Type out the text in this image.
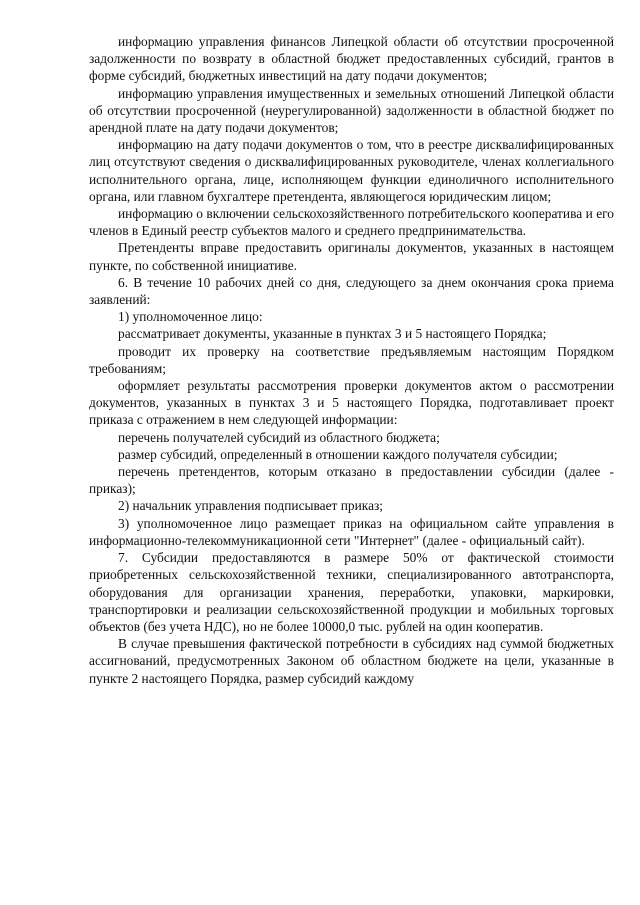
информацию управления финансов Липецкой области об отсутствии просроченной задолженности по возврату в областной бюджет предоставленных субсидий, грантов в форме субсидий, бюджетных инвестиций на дату подачи документов;

информацию управления имущественных и земельных отношений Липецкой области об отсутствии просроченной (неурегулированной) задолженности в областной бюджет по арендной плате на дату подачи документов;

информацию на дату подачи документов о том, что в реестре дисквалифицированных лиц отсутствуют сведения о дисквалифицированных руководителе, членах коллегиального исполнительного органа, лице, исполняющем функции единоличного исполнительного органа, или главном бухгалтере претендента, являющегося юридическим лицом;

информацию о включении сельскохозяйственного потребительского кооператива и его членов в Единый реестр субъектов малого и среднего предпринимательства.

Претенденты вправе предоставить оригиналы документов, указанных в настоящем пункте, по собственной инициативе.

6. В течение 10 рабочих дней со дня, следующего за днем окончания срока приема заявлений:

1) уполномоченное лицо:

рассматривает документы, указанные в пунктах 3 и 5 настоящего Порядка;

проводит их проверку на соответствие предъявляемым настоящим Порядком требованиям;

оформляет результаты рассмотрения проверки документов актом о рассмотрении документов, указанных в пунктах 3 и 5 настоящего Порядка, подготавливает проект приказа с отражением в нем следующей информации:

перечень получателей субсидий из областного бюджета;

размер субсидий, определенный в отношении каждого получателя субсидии;

перечень претендентов, которым отказано в предоставлении субсидии (далее - приказ);

2) начальник управления подписывает приказ;

3) уполномоченное лицо размещает приказ на официальном сайте управления в информационно-телекоммуникационной сети "Интернет" (далее - официальный сайт).

7. Субсидии предоставляются в размере 50% от фактической стоимости приобретенных сельскохозяйственной техники, специализированного автотранспорта, оборудования для организации хранения, переработки, упаковки, маркировки, транспортировки и реализации сельскохозяйственной продукции и мобильных торговых объектов (без учета НДС), но не более 10000,0 тыс. рублей на один кооператив.

В случае превышения фактической потребности в субсидиях над суммой бюджетных ассигнований, предусмотренных Законом об областном бюджете на цели, указанные в пункте 2 настоящего Порядка, размер субсидий каждому
